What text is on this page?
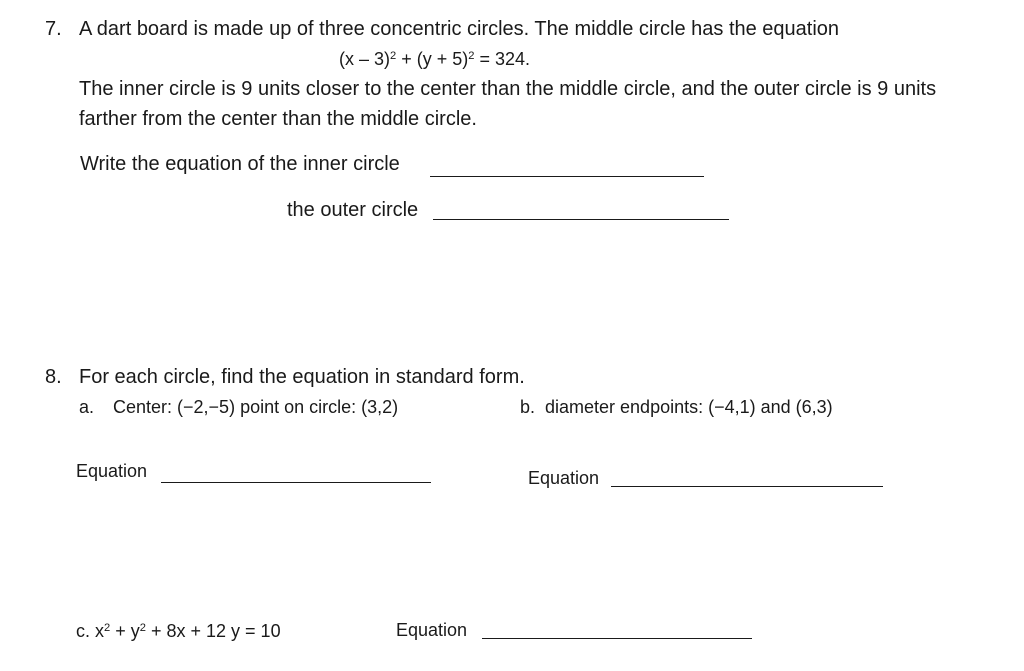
7. A dart board is made up of three concentric circles. The middle circle has the equation
$(x - 3)^2 + (y + 5)^2 = 324$.
The inner circle is 9 units closer to the center than the middle circle, and the outer circle is 9 units
farther from the center than the middle circle.
Write the equation of the inner circle
the outer circle
8. For each circle, find the equation in standard form.
a. Center: (−2,−5) point on circle: (3,2)	b. diameter endpoints: (−4,1) and (6,3)
Equation	Equation
c. $x^2 + y^2 + 8x + 12$ y = 10	Equation
